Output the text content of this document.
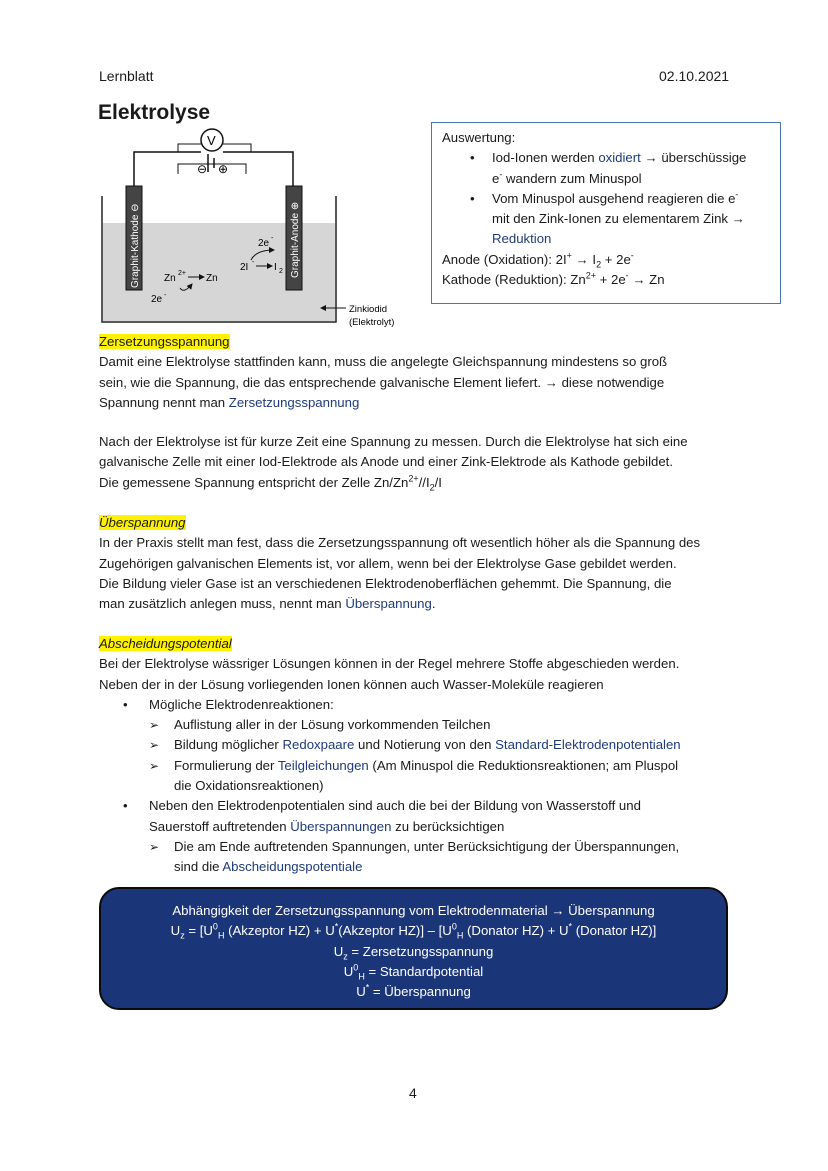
Lernblatt	02.10.2021
Elektrolyse
V
⊖ ⊕
Graphit-Kathode ⊖	Graphit-Anode ⊕
Zn 2+ Zn
2e -
2I - I 2
2e -
Zinkiodid
(Elektrolyt)

Auswertung:

• Iod-Ionen werden oxidiert → überschüssige
e- wandern zum Minuspol
• Vom Minuspol ausgehend reagieren die e-
mit den Zink-Ionen zu elementarem Zink →
Reduktion

Anode (Oxidation): $2I^+ \to I_2 + 2e^-$

Kathode (Reduktion): $Zn^{2+} + 2e^- \to Zn$

Zersetzungsspannung

Damit eine Elektrolyse stattfinden kann, muss die angelegte Gleichspannung mindestens so groß

sein, wie die Spannung, die das entsprechende galvanische Element liefert. → diese notwendige

Spannung nennt man Zersetzungsspannung

Nach der Elektrolyse ist für kurze Zeit eine Spannung zu messen. Durch die Elektrolyse hat sich eine

galvanische Zelle mit einer Iod-Elektrode als Anode und einer Zink-Elektrode als Kathode gebildet.

Die gemessene Spannung entspricht der Zelle $Zn/Zn^{2+}//I_2/I$

Überspannung

In der Praxis stellt man fest, dass die Zersetzungsspannung oft wesentlich höher als die Spannung des

Zugehörigen galvanischen Elements ist, vor allem, wenn bei der Elektrolyse Gase gebildet werden.

Die Bildung vieler Gase ist an verschiedenen Elektrodenoberflächen gehemmt. Die Spannung, die

man zusätzlich anlegen muss, nennt man Überspannung.

Abscheidungspotential

Bei der Elektrolyse wässriger Lösungen können in der Regel mehrere Stoffe abgeschieden werden.

Neben der in der Lösung vorliegenden Ionen können auch Wasser-Moleküle reagieren

• Mögliche Elektrodenreaktionen:

➢ Auflistung aller in der Lösung vorkommenden Teilchen

➢ Bildung möglicher Redoxpaare und Notierung von den Standard-Elektrodenpotentialen

➢ Formulierung der Teilgleichungen (Am Minuspol die Reduktionsreaktionen; am Pluspol
die Oxidationsreaktionen)

• Neben den Elektrodenpotentialen sind auch die bei der Bildung von Wasserstoff und
Sauerstoff auftretenden Überspannungen zu berücksichtigen

➢ Die am Ende auftretenden Spannungen, unter Berücksichtigung der Überspannungen,
sind die Abscheidungspotentiale

Abhängigkeit der Zersetzungsspannung vom Elektrodenmaterial → Überspannung

$U_z = [U^0_H$ (Akzeptor HZ) + U*(Akzeptor $HZ)] - [U^0_H$ (Donator HZ) + U* (Donator HZ)]

$U_z$ = Zersetzungsspannung

$U^0_H$ = Standardpotential

U* = Überspannung

4
